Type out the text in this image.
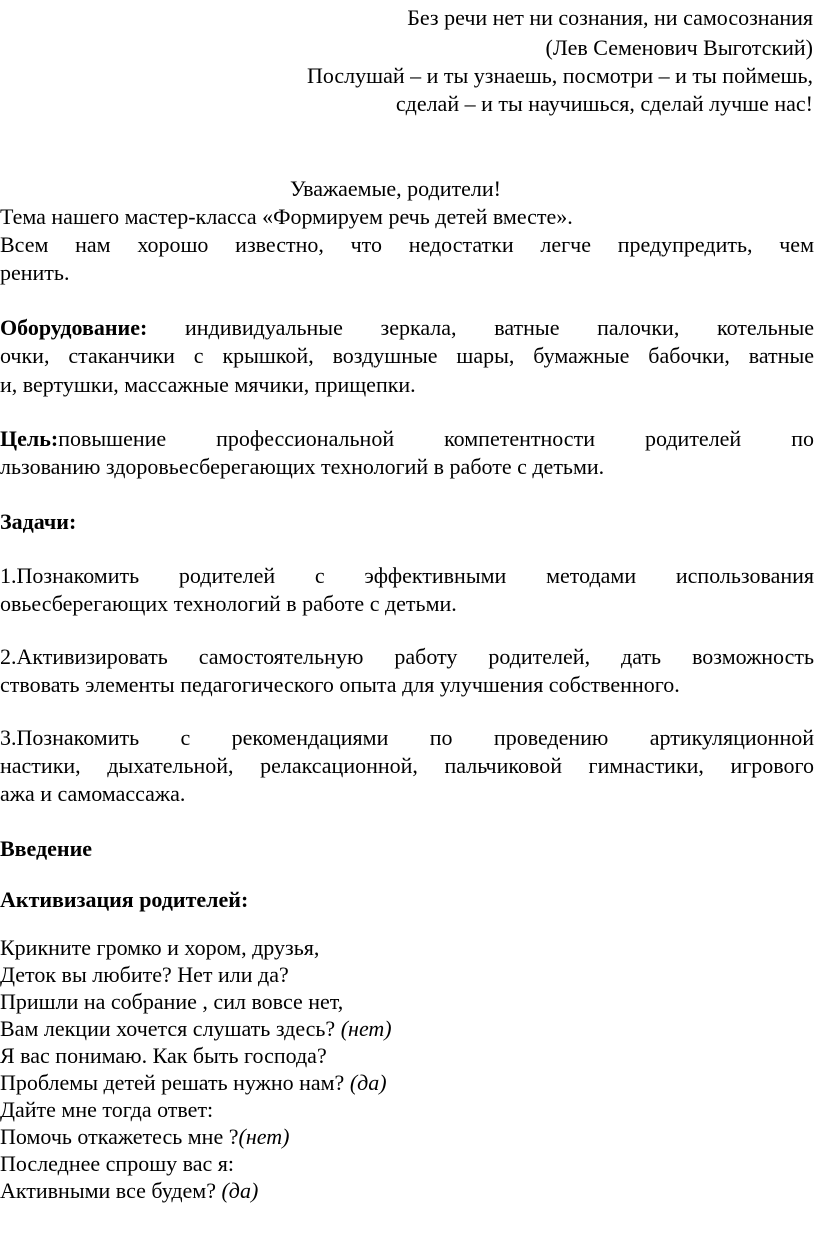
Без речи нет ни сознания, ни самосознания
(Лев Семенович Выготский)
Послушай – и ты узнаешь, посмотри – и ты поймешь,
сделай – и ты научишься, сделай лучше нас!
Уважаемые, родители!
Тема нашего мастер-класса «Формируем речь детей вместе».
Всем нам хорошо известно, что недостатки легче предупредить, чем
ренить.
Оборудование: индивидуальные зеркала, ватные палочки, котельные
очки, стаканчики с крышкой, воздушные шары, бумажные бабочки, ватные
и, вертушки, массажные мячики, прищепки.
Цель:повышение профессиональной компетентности родителей по
льзованию здоровьесберегающих технологий в работе с детьми.
Задачи:
1.Познакомить родителей с эффективными методами использования
овьесберегающих технологий в работе с детьми.
2.Активизировать самостоятельную работу родителей, дать возможность
ствовать элементы педагогического опыта для улучшения собственного.
3.Познакомить с рекомендациями по проведению артикуляционной
настики, дыхательной, релаксационной, пальчиковой гимнастики, игрового
ажа и самомассажа.
Введение
Активизация родителей:
Крикните громко и хором, друзья,
Деток вы любите? Нет или да?
Пришли на собрание , сил вовсе нет,
Вам лекции хочется слушать здесь? (нет)
Я вас понимаю. Как быть господа?
Проблемы детей решать нужно нам? (да)
Дайте мне тогда ответ:
Помочь откажетесь мне ?(нет)
Последнее спрошу вас я:
Активными все будем? (да)
